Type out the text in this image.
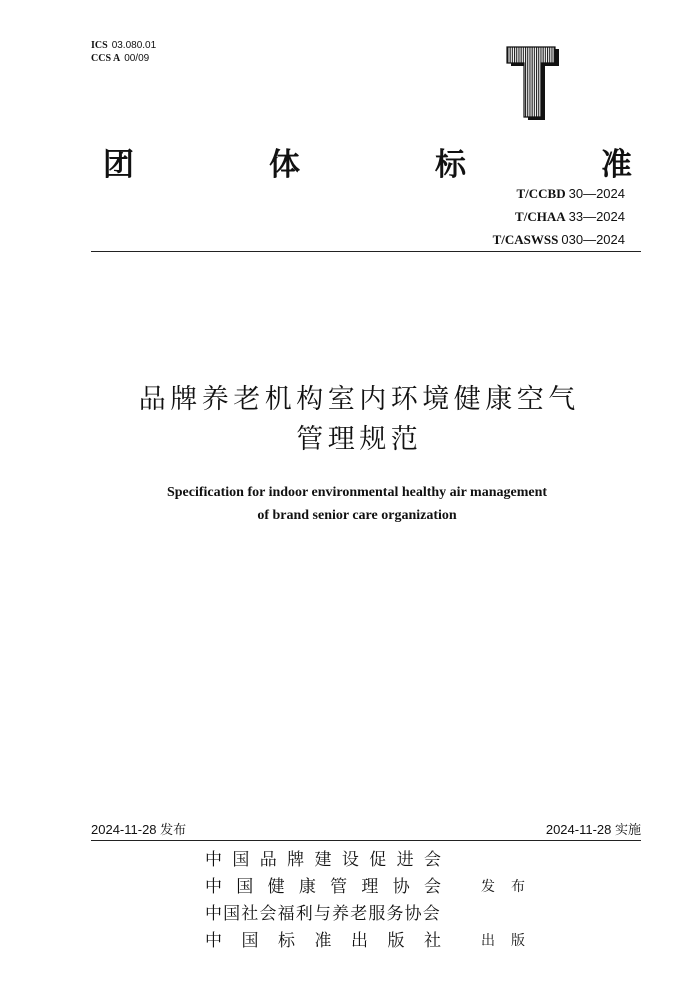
ICS 03.080.01
CCS A 00/09
团 体 标 准
T/CCBD 30—2024
T/CHAA 33—2024
T/CASWSS 030—2024
品牌养老机构室内环境健康空气
管理规范
Specification for indoor environmental healthy air management
of brand senior care organization
2024-11-28 发布	2024-11-28 实施
中 国 品 牌 建 设 促 进 会
中 国 健 康 管 理 协 会	发 布
中国社会福利与养老服务协会
中 国 标 准 出 版 社	出 版
